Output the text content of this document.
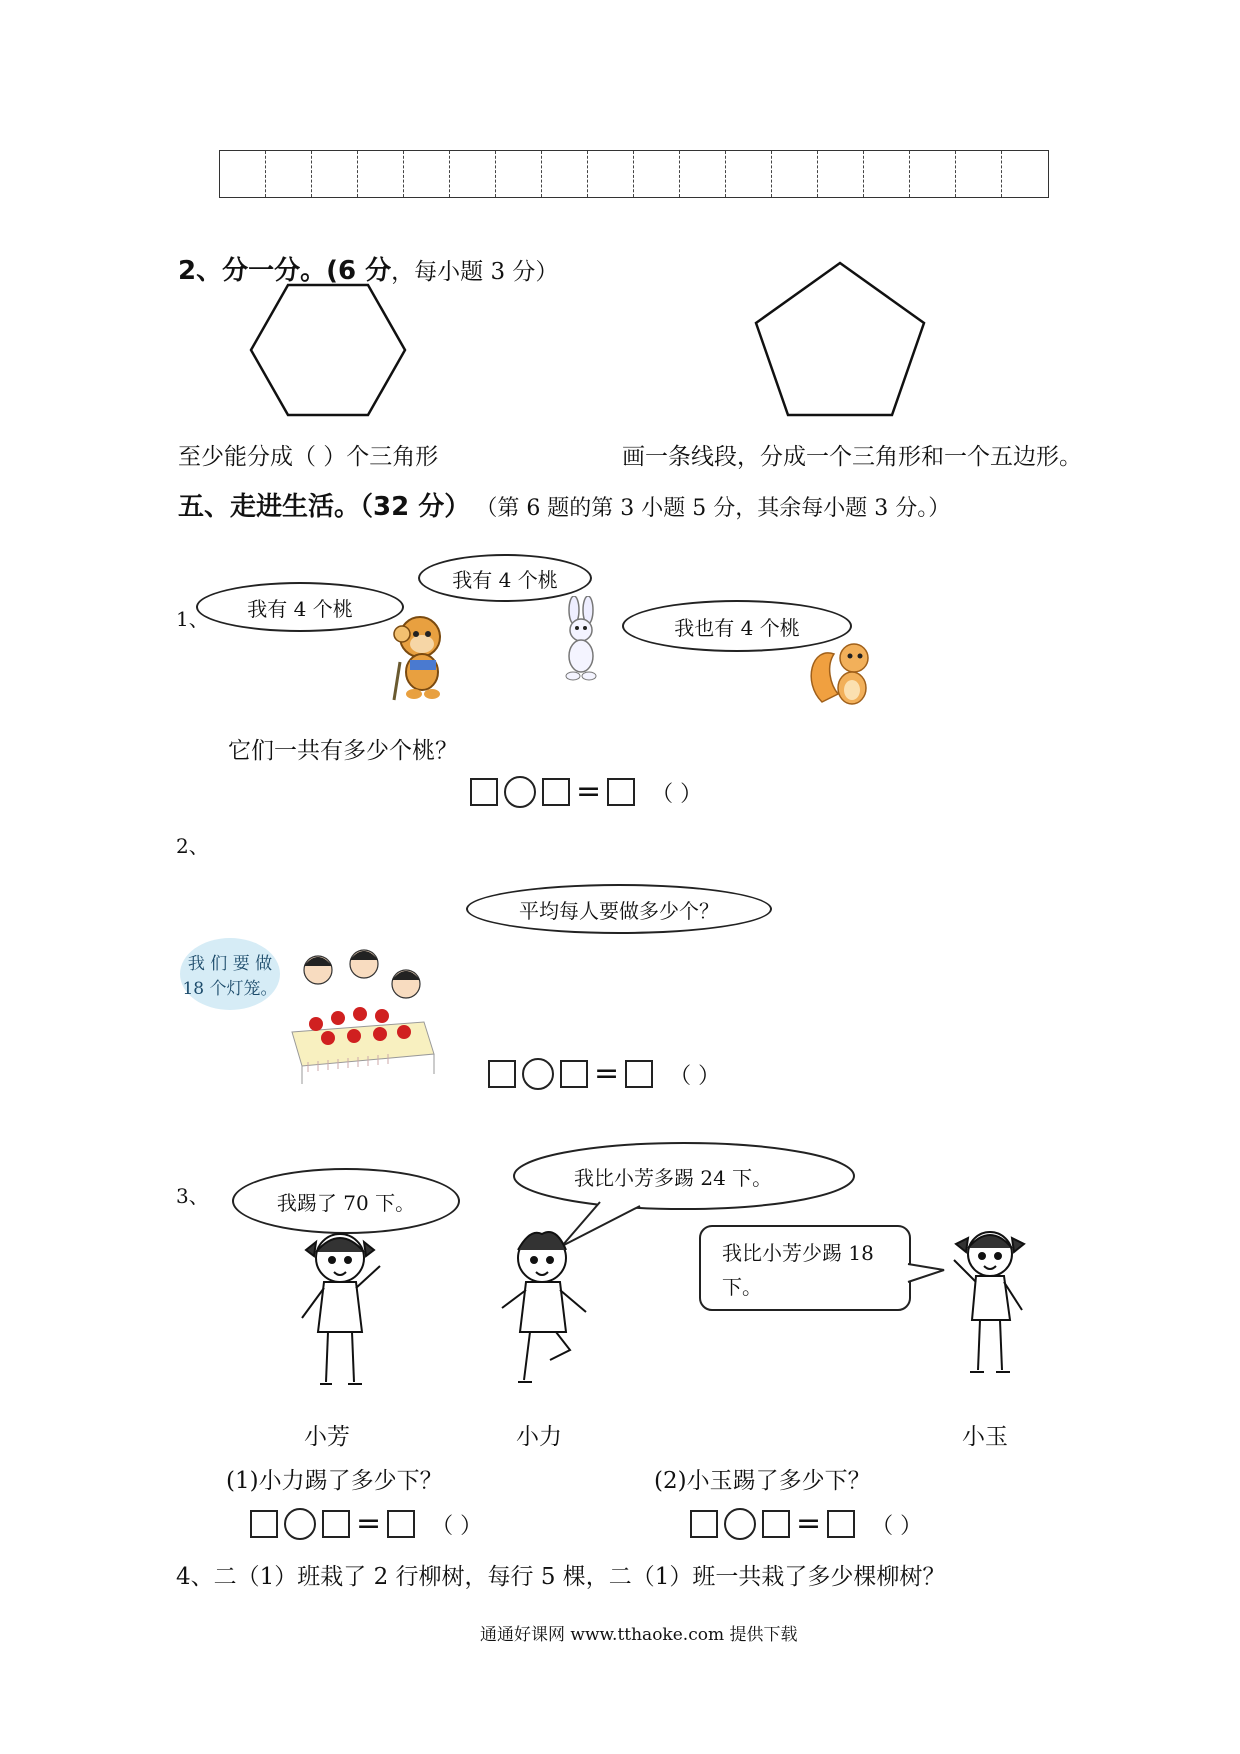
2、分一分。(6 分，每小题 3 分）
至少能分成（ ）个三角形	画一条线段，分成一个三角形和一个五边形。
五、走进生活。（32 分） （第 6 题的第 3 小题 5 分，其余每小题 3 分。）
1、 我有 4 个桃
我有 4 个桃
我也有 4 个桃
它们一共有多少个桃？
= （ ）
2、
平均每人要做多少个？
我 们 要 做
18 个灯笼。
= （ ）
3、	我踢了 70 下。
我比小芳多踢 24 下。
我比小芳少踢 18
下。
小芳	小力	小玉
(1)小力踢了多少下？	(2)小玉踢了多少下？
= （ ）	= （ ）
4、二（1）班栽了 2 行柳树，每行 5 棵，二（1）班一共栽了多少棵柳树？
通通好课网 www.tthaoke.com 提供下载
